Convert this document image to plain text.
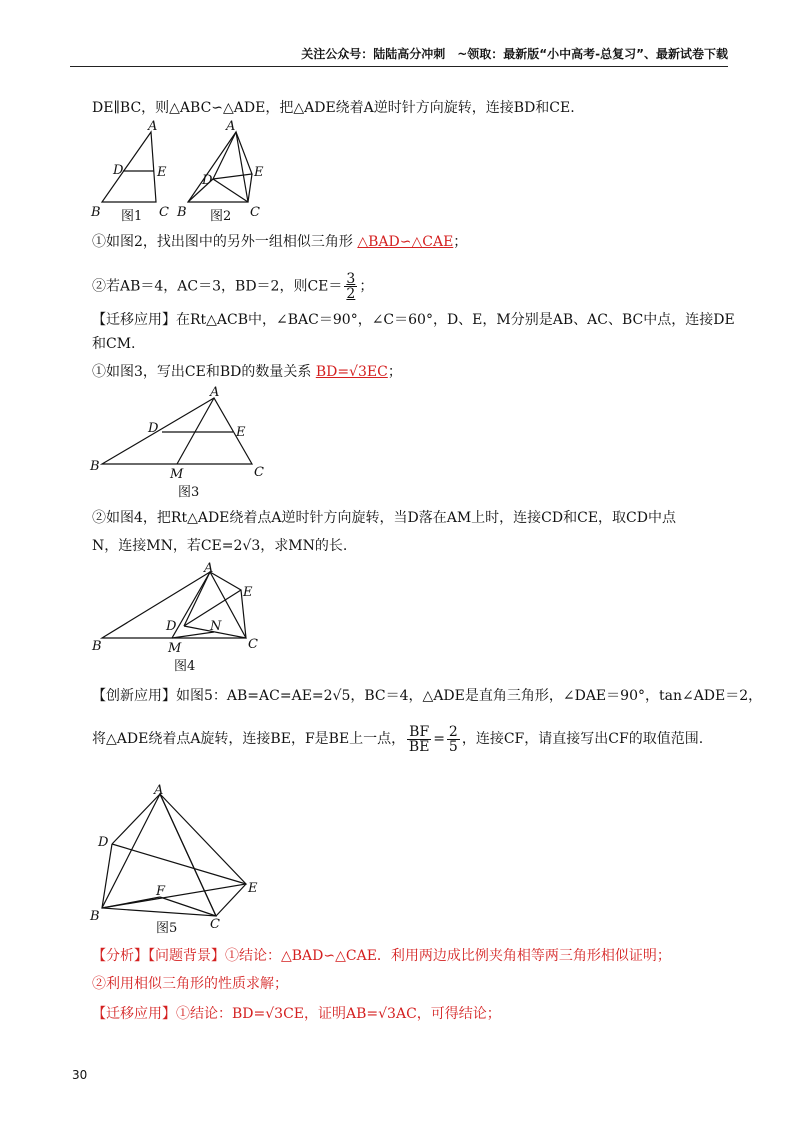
关注公众号：陆陆高分冲刺　~领取：最新版“小中高考-总复习”、最新试卷下载
DE∥BC，则△ABC∽△ADE，把△ADE绕着A逆时针方向旋转，连接BD和CE.
A
D	E
B	C
图1
A
D
E
B	C
图2
①如图2，找出图中的另外一组相似三角形 △BAD∽△CAE；
②若AB＝4，AC＝3，BD＝2，则$CE= \frac{3}{2}$ ；
【迁移应用】在Rt△ACB中，∠BAC＝90°，∠C＝60°，D、E，M分别是AB、AC、BC中点，连接DE
和CM.
①如图3，写出CE和BD的数量关系 BD=√3EC；
A
D	E
B
M	C
图3
②如图4，把Rt△ADE绕着点A逆时针方向旋转，当D落在AM上时，连接CD和CE，取CD中点
N，连接MN，若CE=2√3，求MN的长.
A
E
D	N
B	M	C
图4
【创新应用】如图5：AB=AC=AE=2√5，BC＝4，△ADE是直角三角形，∠DAE＝90°，tan∠ADE＝2，
将△ADE绕着点A旋转，连接BE，F是BE上一点， $\frac{BF}{BE} = \frac{2}{5}$ ，连接CF，请直接写出CF的取值范围.
A
D
E
F
B
C
图5
【分析】【问题背景】①结论：△BAD∽△CAE．利用两边成比例夹角相等两三角形相似证明；
②利用相似三角形的性质求解；
【迁移应用】①结论：BD=√3CE，证明AB=√3AC，可得结论；
30
